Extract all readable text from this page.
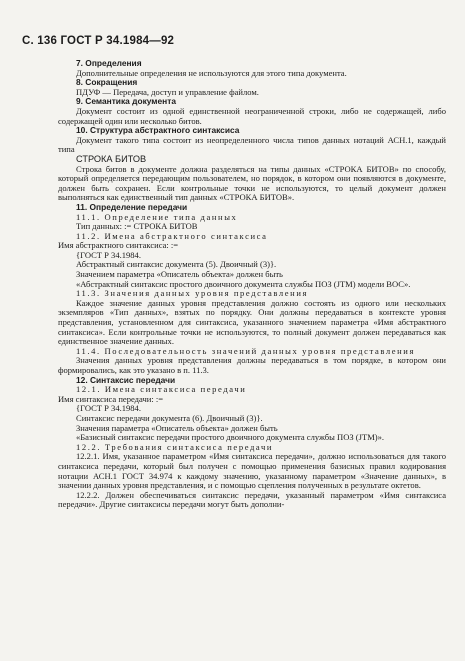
С. 136 ГОСТ Р 34.1984—92
7. Определения
Дополнительные определения не используются для этого типа документа.
8. Сокращения
ПДУФ — Передача, доступ и управление файлом.
9. Семантика документа
Документ состоит из одной единственной неограниченной строки, либо не содержащей, либо содержащей один или несколько битов.
10. Структура абстрактного синтаксиса
Документ такого типа состоит из неопределенного числа типов данных нотаций АСН.1, каждый типа
СТРОКА БИТОВ
Строка битов в документе должна разделяться на типы данных «СТРОКА БИТОВ» по способу, который определяется передающим пользователем, но порядок, в котором они появляются в документе, должен быть сохранен. Если контрольные точки не используются, то целый документ должен выполняться как единственный тип данных «СТРОКА БИТОВ».
11. Определение передачи
11.1. Определение типа данных
Тип данных: := СТРОКА БИТОВ
11.2. Имена абстрактного синтаксиса
Имя абстрактного синтаксиса: :=
{ГОСТ Р 34.1984.
Абстрактный синтаксис документа (5). Двоичный (3)}.
Значением параметра «Описатель объекта» должен быть
«Абстрактный синтаксис простого двоичного документа службы ПОЗ (JTM) модели ВОС».
11.3. Значения данных уровня представления
Каждое значение данных уровня представления должно состоять из одного или нескольких экземпляров «Тип данных», взятых по порядку. Они должны передаваться в контексте уровня представления, установленном для синтаксиса, указанного значением параметра «Имя абстрактного синтаксиса». Если контрольные точки не используются, то полный документ должен передаваться как единственное значение данных.
11.4. Последовательность значений данных уровня представления
Значения данных уровня представления должны передаваться в том порядке, в котором они формировались, как это указано в п. 11.3.
12. Синтаксис передачи
12.1. Имена синтаксиса передачи
Имя синтаксиса передачи: :=
{ГОСТ Р 34.1984.
Синтаксис передачи документа (6). Двоичный (3)}.
Значения параметра «Описатель объекта» должен быть
«Базисный синтаксис передачи простого двоичного документа службы ПОЗ (JTM)».
12.2. Требования синтаксиса передачи
12.2.1. Имя, указанное параметром «Имя синтаксиса передачи», должно использоваться для такого синтаксиса передачи, который был получен с помощью применения базисных правил кодирования нотации АСН.1 ГОСТ 34.974 к каждому значению, указанному параметром «Значение данных», в значении данных уровня представления, и с помощью сцепления полученных в результате октетов.
12.2.2. Должен обеспечиваться синтаксис передачи, указанный параметром «Имя синтаксиса передачи». Другие синтаксисы передачи могут быть дополни-
